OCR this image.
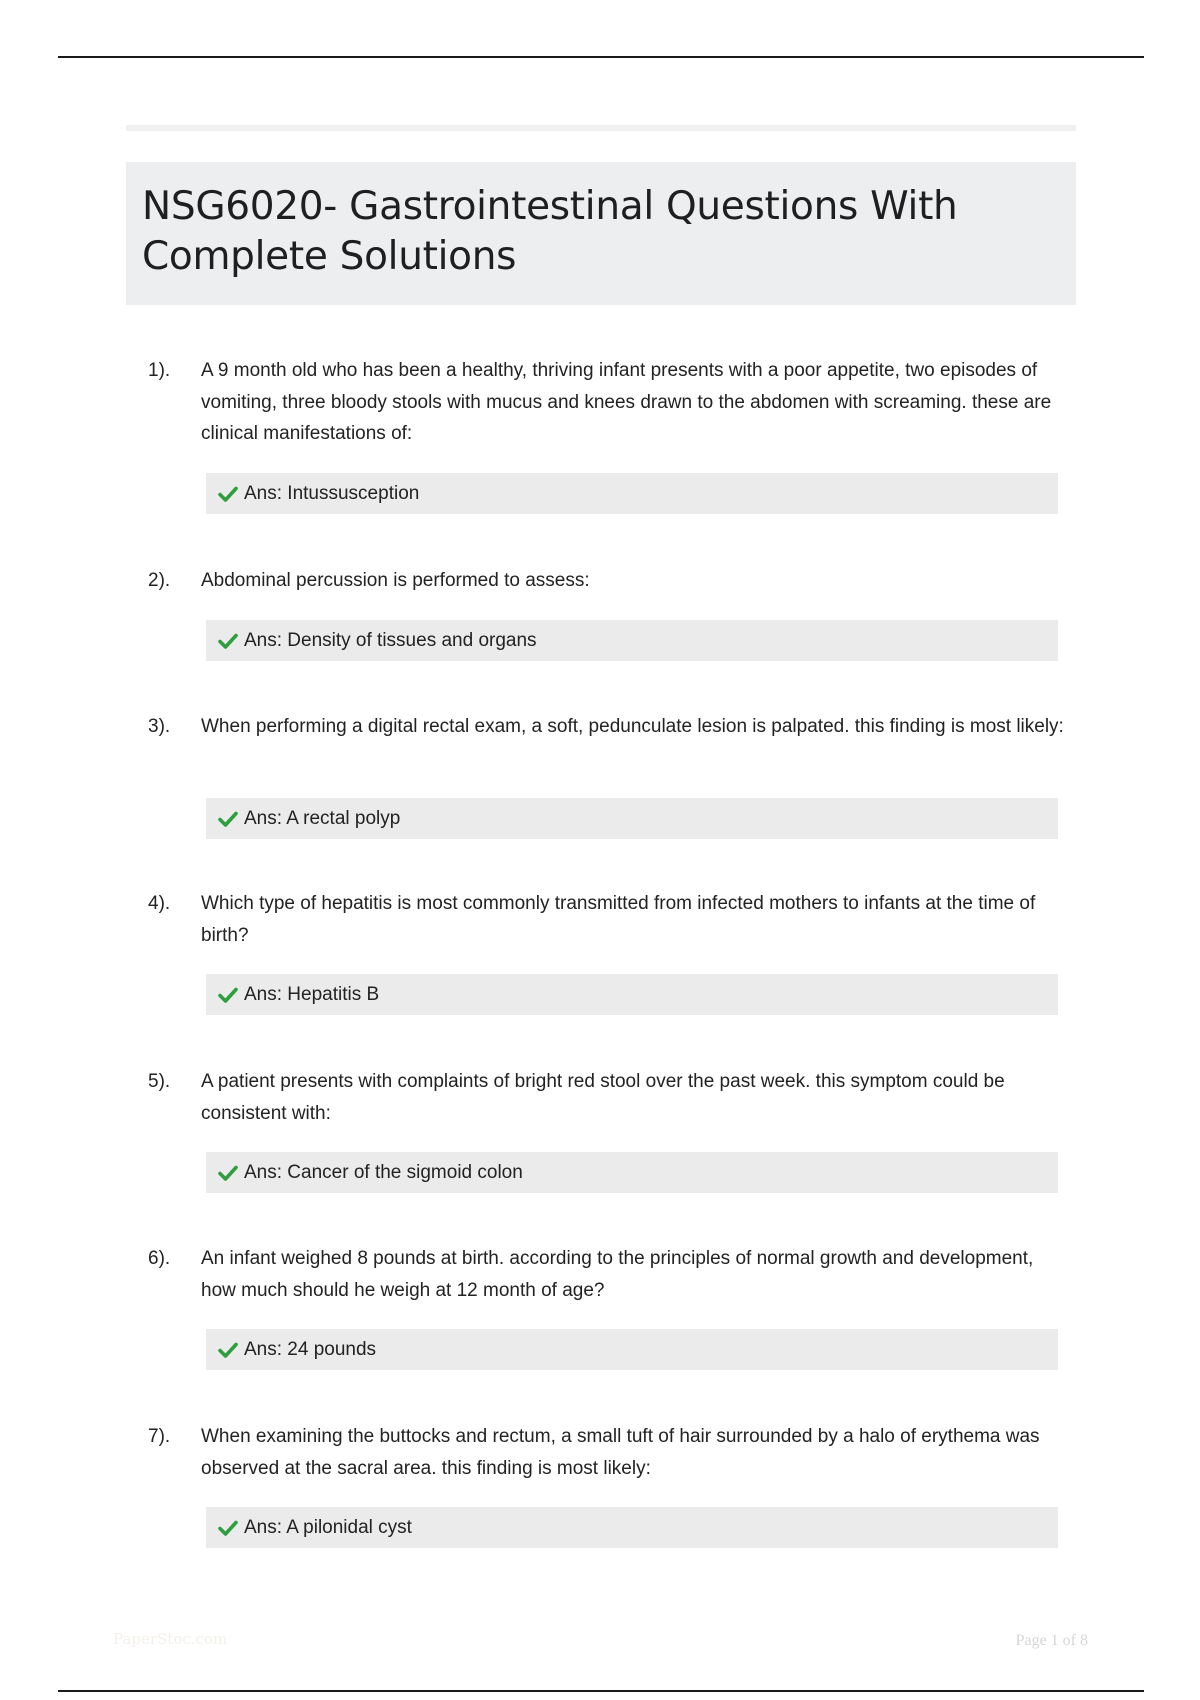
NSG6020- Gastrointestinal Questions With Complete Solutions
1). A 9 month old who has been a healthy, thriving infant presents with a poor appetite, two episodes of vomiting, three bloody stools with mucus and knees drawn to the abdomen with screaming. these are clinical manifestations of:
Ans: Intussusception
2). Abdominal percussion is performed to assess:
Ans: Density of tissues and organs
3). When performing a digital rectal exam, a soft, pedunculate lesion is palpated. this finding is most likely:
Ans: A rectal polyp
4). Which type of hepatitis is most commonly transmitted from infected mothers to infants at the time of birth?
Ans: Hepatitis B
5). A patient presents with complaints of bright red stool over the past week. this symptom could be consistent with:
Ans: Cancer of the sigmoid colon
6). An infant weighed 8 pounds at birth. according to the principles of normal growth and development, how much should he weigh at 12 month of age?
Ans: 24 pounds
7). When examining the buttocks and rectum, a small tuft of hair surrounded by a halo of erythema was observed at the sacral area. this finding is most likely:
Ans: A pilonidal cyst
PaperStoc.com	Page 1 of 8
